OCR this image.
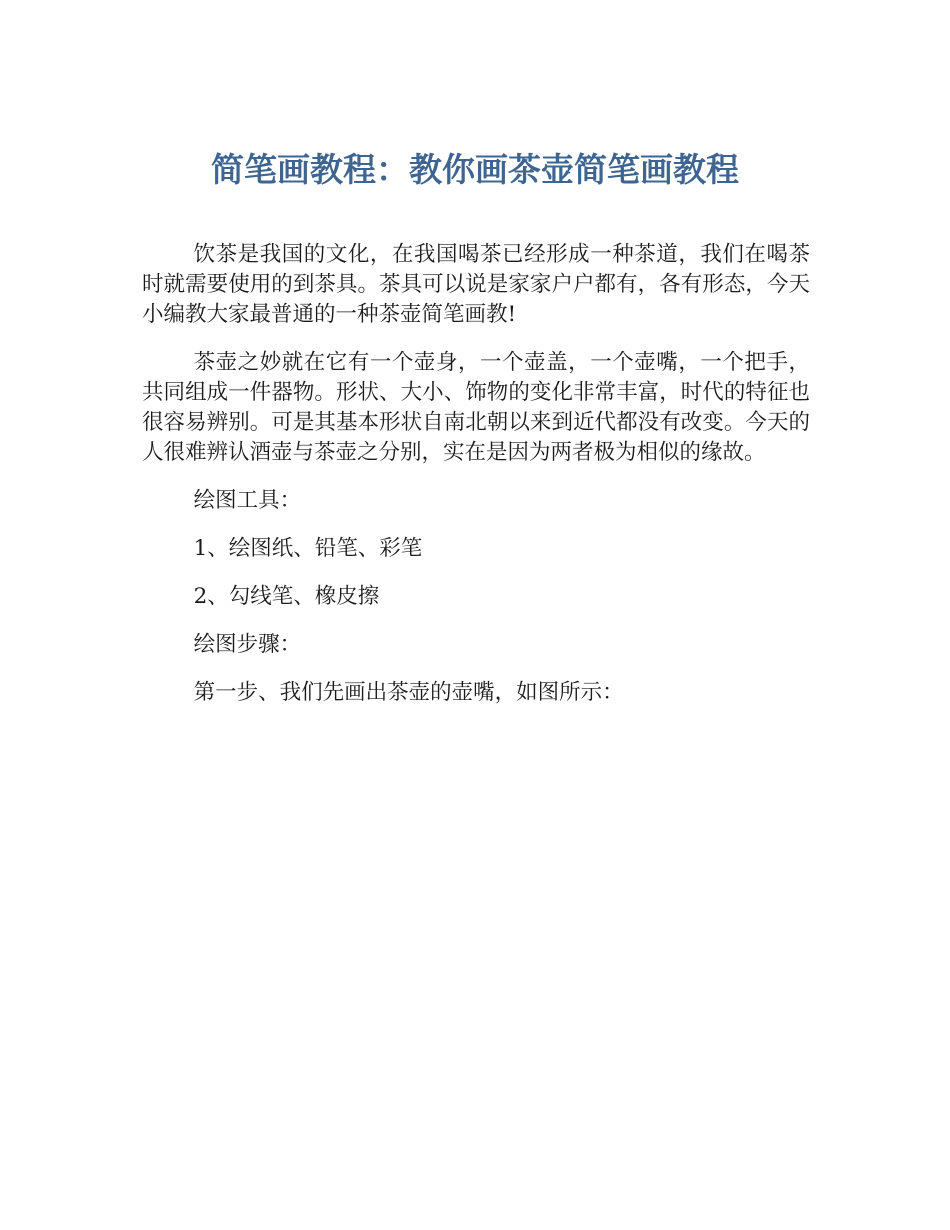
简笔画教程：教你画茶壶简笔画教程

饮茶是我国的文化，在我国喝茶已经形成一种茶道，我们在喝茶时就需要使用的到茶具。茶具可以说是家家户户都有，各有形态，今天小编教大家最普通的一种茶壶简笔画教!

茶壶之妙就在它有一个壶身，一个壶盖，一个壶嘴，一个把手，共同组成一件器物。形状、大小、饰物的变化非常丰富，时代的特征也很容易辨别。可是其基本形状自南北朝以来到近代都没有改变。今天的人很难辨认酒壶与茶壶之分别，实在是因为两者极为相似的缘故。

绘图工具：

1、绘图纸、铅笔、彩笔

2、勾线笔、橡皮擦

绘图步骤：

第一步、我们先画出茶壶的壶嘴，如图所示：
